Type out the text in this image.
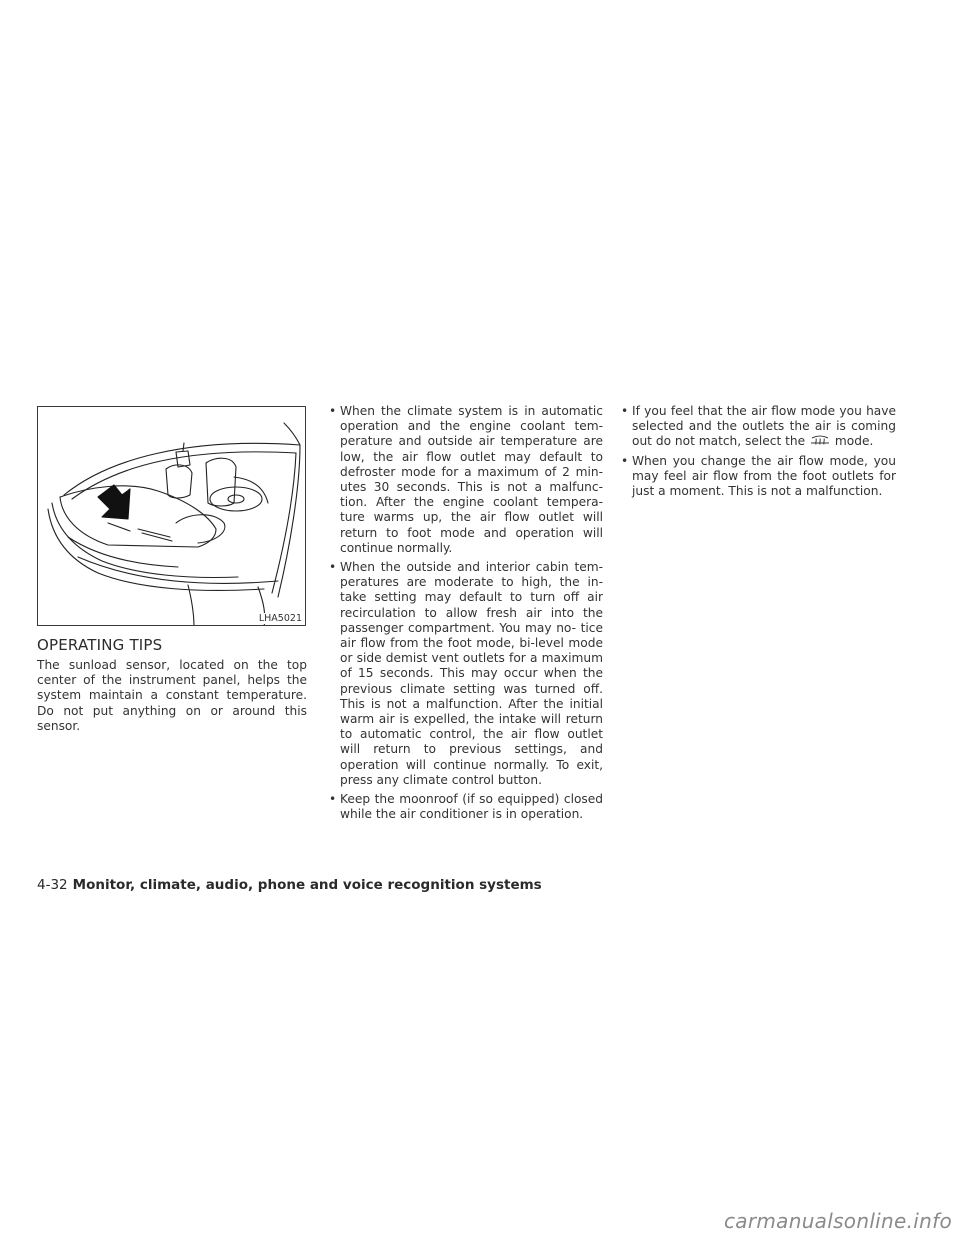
LHA5021
OPERATING TIPS

The sunload sensor, located on the top center of the instrument panel, helps the system maintain a constant temperature. Do not put anything on or around this sensor.

• When the climate system is in automatic operation and the engine coolant tem- perature and outside air temperature are low, the air flow outlet may default to defroster mode for a maximum of 2 min- utes 30 seconds. This is not a malfunc- tion. After the engine coolant tempera- ture warms up, the air flow outlet will return to foot mode and operation will continue normally.
• When the outside and interior cabin tem- peratures are moderate to high, the in- take setting may default to turn off air recirculation to allow fresh air into the passenger compartment. You may no- tice air flow from the foot mode, bi-level mode or side demist vent outlets for a maximum of 15 seconds. This may occur when the previous climate setting was turned off. This is not a malfunction. After the initial warm air is expelled, the intake will return to automatic control, the air flow outlet will return to previous settings, and operation will continue normally. To exit, press any climate control button.
• Keep the moonroof (if so equipped) closed while the air conditioner is in operation.
• If you feel that the air flow mode you have selected and the outlets the air is coming out do not match, select the mode.
• When you change the air flow mode, you may feel air flow from the foot outlets for just a moment. This is not a malfunction.
4-32 Monitor, climate, audio, phone and voice recognition systems
carmanualsonline.info
